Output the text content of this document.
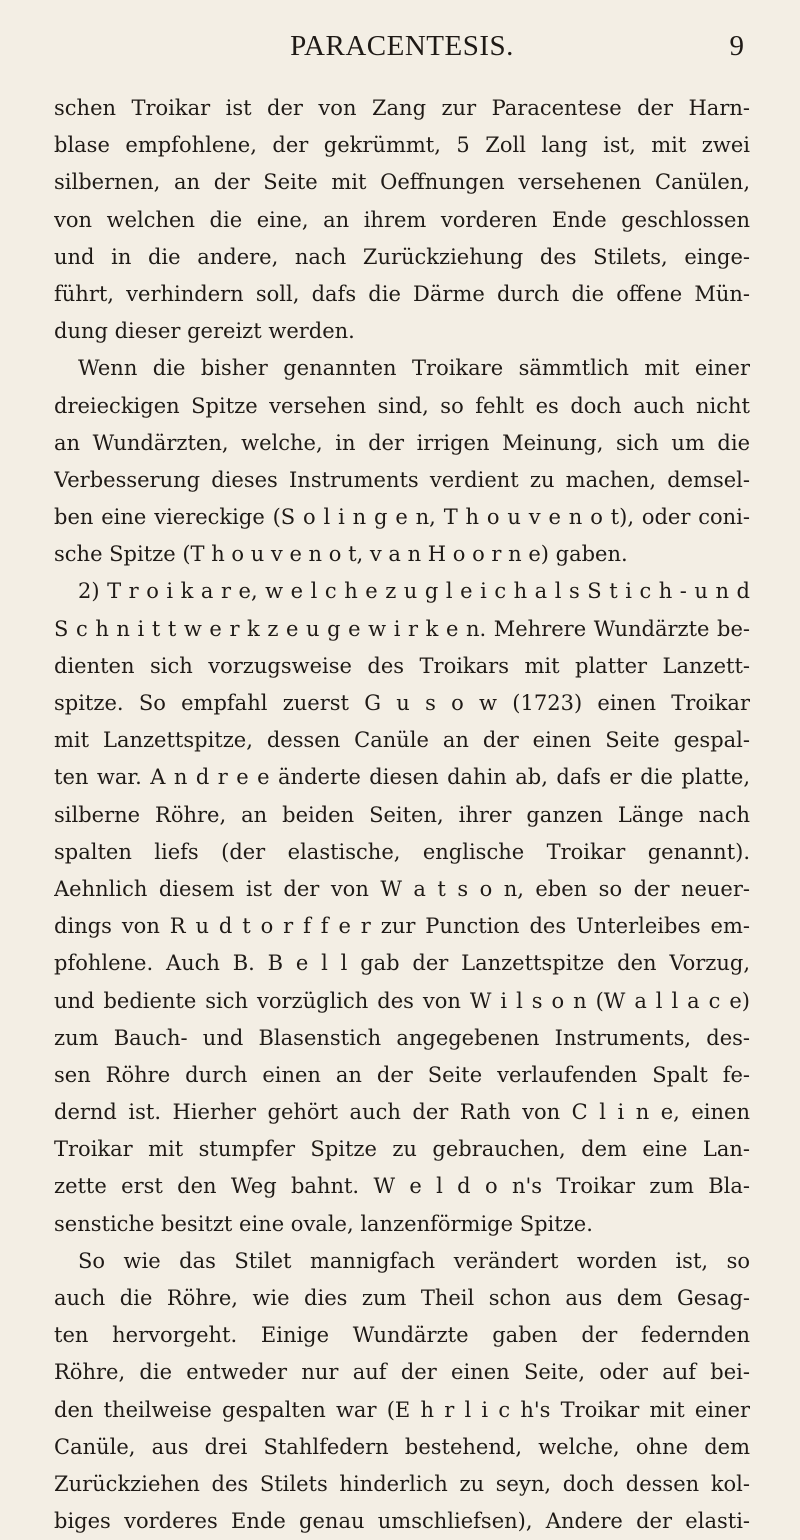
PARACENTESIS.	9
schen Troikar ist der von Zang zur Paracentese der Harn-
blase empfohlene, der gekrümmt, 5 Zoll lang ist, mit zwei
silbernen, an der Seite mit Oeffnungen versehenen Canülen,
von welchen die eine, an ihrem vorderen Ende geschlossen
und in die andere, nach Zurückziehung des Stilets, einge-
führt, verhindern soll, dafs die Därme durch die offene Mün-
dung dieser gereizt werden.
Wenn die bisher genannten Troikare sämmtlich mit einer
dreieckigen Spitze versehen sind, so fehlt es doch auch nicht
an Wundärzten, welche, in der irrigen Meinung, sich um die
Verbesserung dieses Instruments verdient zu machen, demsel-
ben eine viereckige (S o l i n g e n, T h o u v e n o t), oder coni-
sche Spitze (T h o u v e n o t, v a n H o o r n e) gaben.
2) T r o i k a r e, w e l c h e z u g l e i c h a l s S t i c h - u n d
S c h n i t t w e r k z e u g e w i r k e n. Mehrere Wundärzte be-
dienten sich vorzugsweise des Troikars mit platter Lanzett-
spitze. So empfahl zuerst G u s o w (1723) einen Troikar
mit Lanzettspitze, dessen Canüle an der einen Seite gespal-
ten war. A n d r e e änderte diesen dahin ab, dafs er die platte,
silberne Röhre, an beiden Seiten, ihrer ganzen Länge nach
spalten liefs (der elastische, englische Troikar genannt).
Aehnlich diesem ist der von W a t s o n, eben so der neuer-
dings von R u d t o r f f e r zur Punction des Unterleibes em-
pfohlene. Auch B. B e l l gab der Lanzettspitze den Vorzug,
und bediente sich vorzüglich des von W i l s o n (W a l l a c e)
zum Bauch- und Blasenstich angegebenen Instruments, des-
sen Röhre durch einen an der Seite verlaufenden Spalt fe-
dernd ist. Hierher gehört auch der Rath von C l i n e, einen
Troikar mit stumpfer Spitze zu gebrauchen, dem eine Lan-
zette erst den Weg bahnt. W e l d o n's Troikar zum Bla-
senstiche besitzt eine ovale, lanzenförmige Spitze.
So wie das Stilet mannigfach verändert worden ist, so
auch die Röhre, wie dies zum Theil schon aus dem Gesag-
ten hervorgeht. Einige Wundärzte gaben der federnden
Röhre, die entweder nur auf der einen Seite, oder auf bei-
den theilweise gespalten war (E h r l i c h's Troikar mit einer
Canüle, aus drei Stahlfedern bestehend, welche, ohne dem
Zurückziehen des Stilets hinderlich zu seyn, doch dessen kol-
biges vorderes Ende genau umschliefsen), Andere der elasti-
